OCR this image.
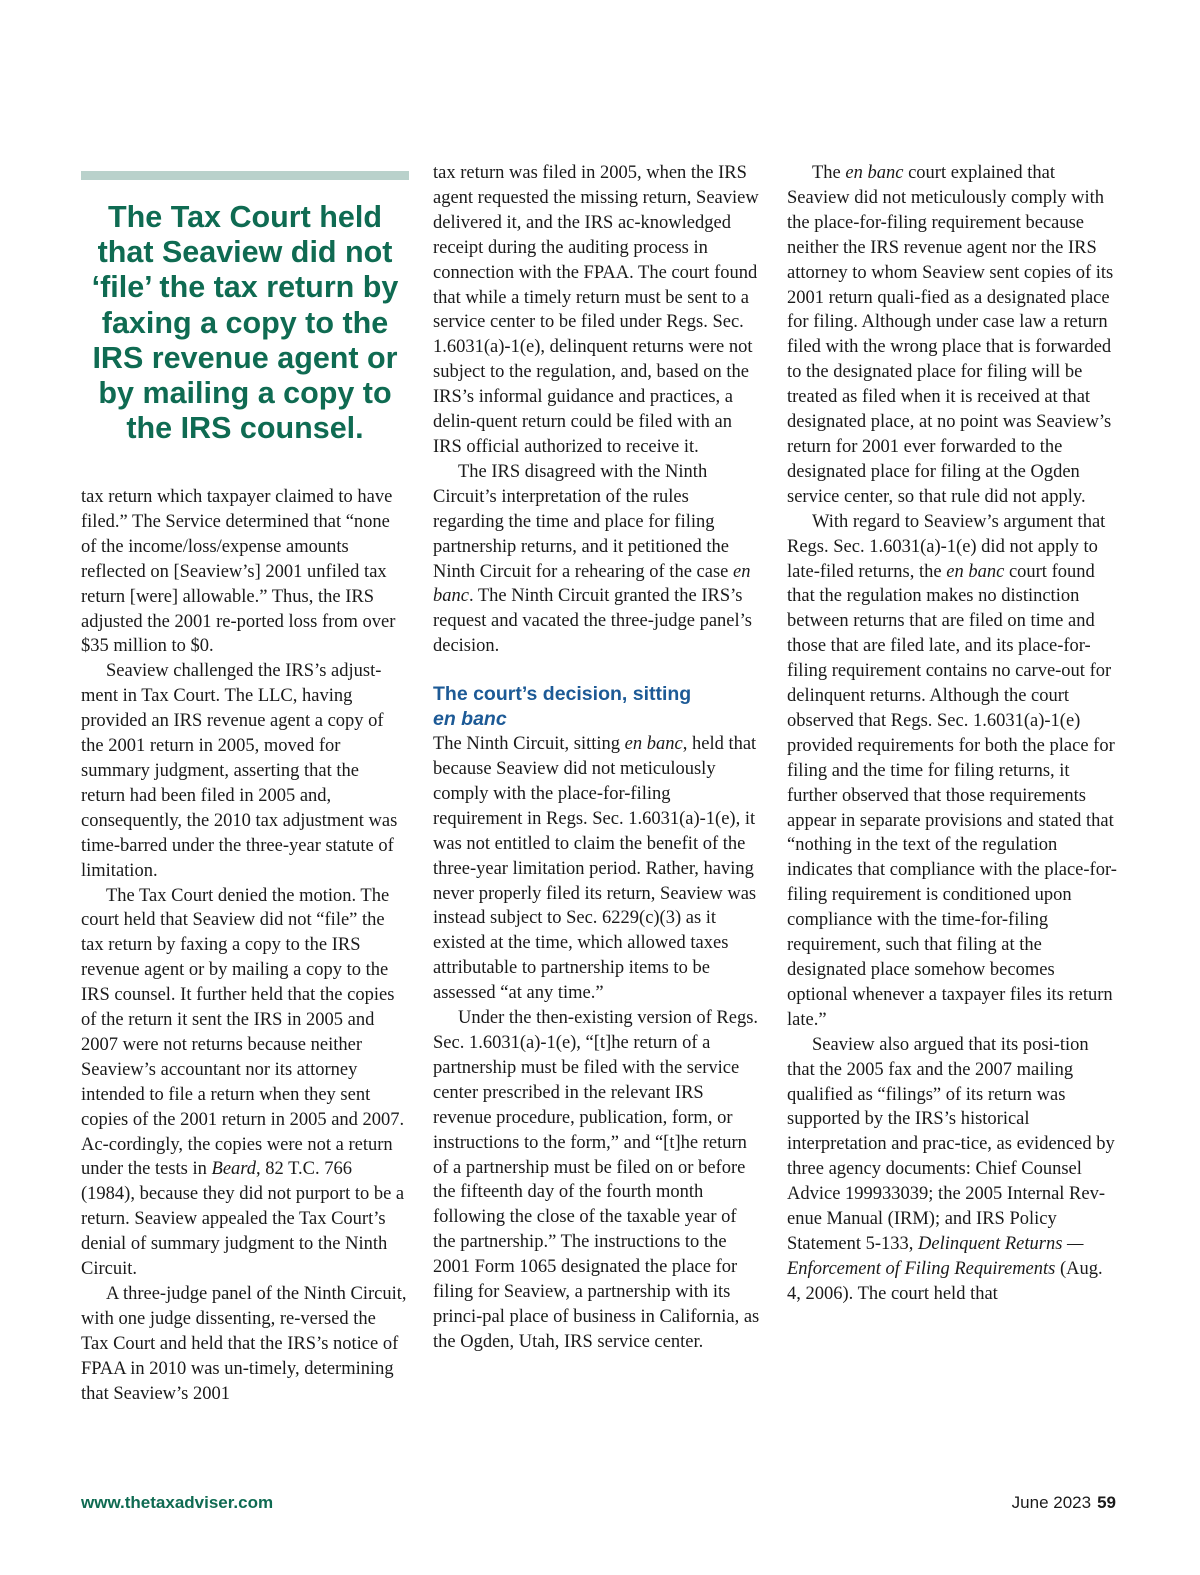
The Tax Court held that Seaview did not ‘file’ the tax return by faxing a copy to the IRS revenue agent or by mailing a copy to the IRS counsel.

tax return which taxpayer claimed to have filed.” The Service determined that “none of the income/loss/expense amounts reflected on [Seaview’s] 2001 unfiled tax return [were] allowable.” Thus, the IRS adjusted the 2001 re-ported loss from over $35 million to $0.

Seaview challenged the IRS’s adjust-ment in Tax Court. The LLC, having provided an IRS revenue agent a copy of the 2001 return in 2005, moved for summary judgment, asserting that the return had been filed in 2005 and, consequently, the 2010 tax adjustment was time-barred under the three-year statute of limitation.

The Tax Court denied the motion. The court held that Seaview did not “file” the tax return by faxing a copy to the IRS revenue agent or by mailing a copy to the IRS counsel. It further held that the copies of the return it sent the IRS in 2005 and 2007 were not returns because neither Seaview’s accountant nor its attorney intended to file a return when they sent copies of the 2001 return in 2005 and 2007. Ac-cordingly, the copies were not a return under the tests in Beard, 82 T.C. 766 (1984), because they did not purport to be a return. Seaview appealed the Tax Court’s denial of summary judgment to the Ninth Circuit.

A three-judge panel of the Ninth Circuit, with one judge dissenting, re-versed the Tax Court and held that the IRS’s notice of FPAA in 2010 was un-timely, determining that Seaview’s 2001

tax return was filed in 2005, when the IRS agent requested the missing return, Seaview delivered it, and the IRS ac-knowledged receipt during the auditing process in connection with the FPAA. The court found that while a timely return must be sent to a service center to be filed under Regs. Sec. 1.6031(a)-1(e), delinquent returns were not subject to the regulation, and, based on the IRS’s informal guidance and practices, a delin-quent return could be filed with an IRS official authorized to receive it.

The IRS disagreed with the Ninth Circuit’s interpretation of the rules regarding the time and place for filing partnership returns, and it petitioned the Ninth Circuit for a rehearing of the case en banc. The Ninth Circuit granted the IRS’s request and vacated the three-judge panel’s decision.

The court’s decision, sitting
en banc

The Ninth Circuit, sitting en banc, held that because Seaview did not meticulously comply with the place-for-filing requirement in Regs. Sec. 1.6031(a)-1(e), it was not entitled to claim the benefit of the three-year limitation period. Rather, having never properly filed its return, Seaview was instead subject to Sec. 6229(c)(3) as it existed at the time, which allowed taxes attributable to partnership items to be assessed “at any time.”

Under the then-existing version of Regs. Sec. 1.6031(a)-1(e), “[t]he return of a partnership must be filed with the service center prescribed in the relevant IRS revenue procedure, publication, form, or instructions to the form,” and “[t]he return of a partnership must be filed on or before the fifteenth day of the fourth month following the close of the taxable year of the partnership.” The instructions to the 2001 Form 1065 designated the place for filing for Seaview, a partnership with its princi-pal place of business in California, as the Ogden, Utah, IRS service center.

The en banc court explained that Seaview did not meticulously comply with the place-for-filing requirement because neither the IRS revenue agent nor the IRS attorney to whom Seaview sent copies of its 2001 return quali-fied as a designated place for filing. Although under case law a return filed with the wrong place that is forwarded to the designated place for filing will be treated as filed when it is received at that designated place, at no point was Seaview’s return for 2001 ever forwarded to the designated place for filing at the Ogden service center, so that rule did not apply.

With regard to Seaview’s argument that Regs. Sec. 1.6031(a)-1(e) did not apply to late-filed returns, the en banc court found that the regulation makes no distinction between returns that are filed on time and those that are filed late, and its place-for-filing requirement contains no carve-out for delinquent returns. Although the court observed that Regs. Sec. 1.6031(a)-1(e) provided requirements for both the place for filing and the time for filing returns, it further observed that those requirements appear in separate provisions and stated that “nothing in the text of the regulation indicates that compliance with the place-for-filing requirement is conditioned upon compliance with the time-for-filing requirement, such that filing at the designated place somehow becomes optional whenever a taxpayer files its return late.”

Seaview also argued that its posi-tion that the 2005 fax and the 2007 mailing qualified as “filings” of its return was supported by the IRS’s historical interpretation and prac-tice, as evidenced by three agency documents: Chief Counsel Advice 199933039; the 2005 Internal Rev-enue Manual (IRM); and IRS Policy Statement 5-133, Delinquent Returns — Enforcement of Filing Requirements (Aug. 4, 2006). The court held that

www.thetaxadviser.com	June 2023 59
